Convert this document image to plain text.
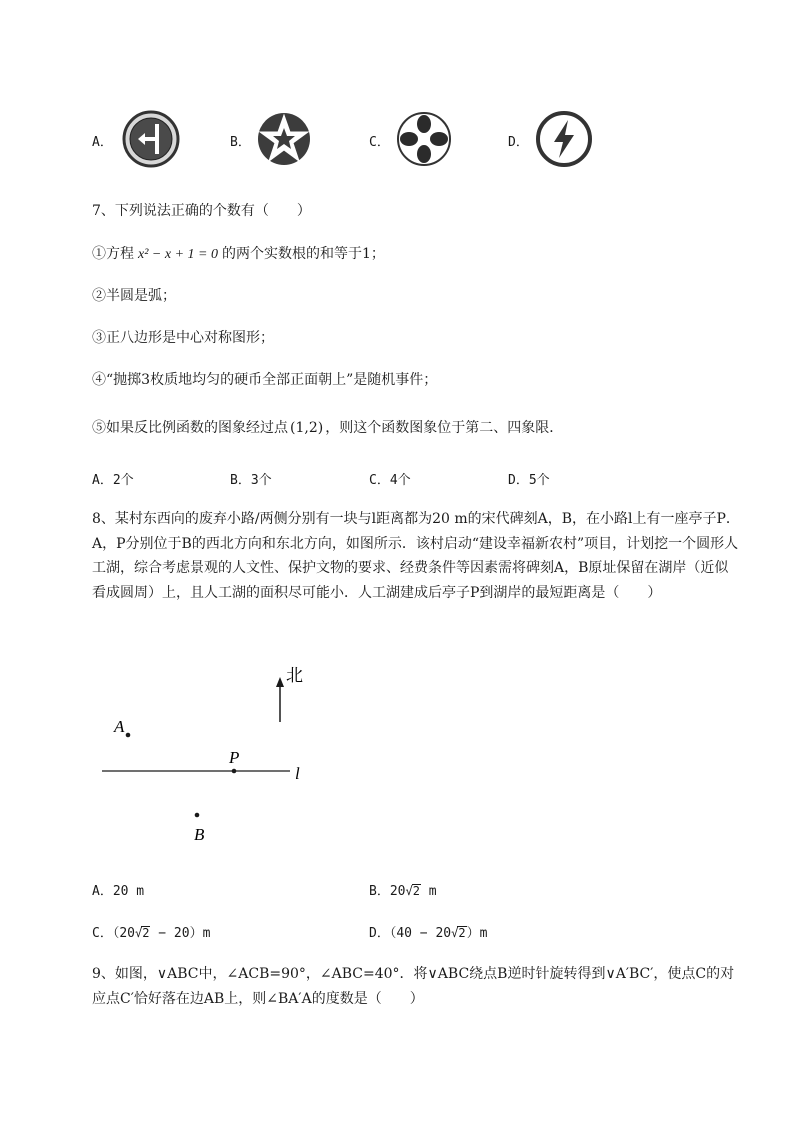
A．	B．	C．	D．
7、下列说法正确的个数有（　　）
①方程 x² − x + 1 = 0 的两个实数根的和等于1；
②半圆是弧；
③正八边形是中心对称图形；
④“抛掷3枚质地均匀的硬币全部正面朝上”是随机事件；
⑤如果反比例函数的图象经过点 (1,2) ，则这个函数图象位于第二、四象限．
A．2个	B．3个	C．4个	D．5个
8、某村东西向的废弃小路/两侧分别有一块与l距离都为20 m的宋代碑刻A，B，在小路l上有一座亭子P． A，P分别位于B的西北方向和东北方向，如图所示．该村启动“建设幸福新农村”项目，计划挖一个圆形人工湖，综合考虑景观的人文性、保护文物的要求、经费条件等因素需将碑刻A，B原址保留在湖岸（近似看成圆周）上，且人工湖的面积尽可能小．人工湖建成后亭子P到湖岸的最短距离是（　　）
北
l
A
P
B
A．20 m	B．20√2 m
C．（20√2 − 20）m	D．（40 − 20√2）m
9、如图，∨ABC中，∠ACB=90°，∠ABC=40°．将∨ABC绕点B逆时针旋转得到∨A′BC′，使点C的对应点C′恰好落在边AB上，则∠BA′A的度数是（　　）
